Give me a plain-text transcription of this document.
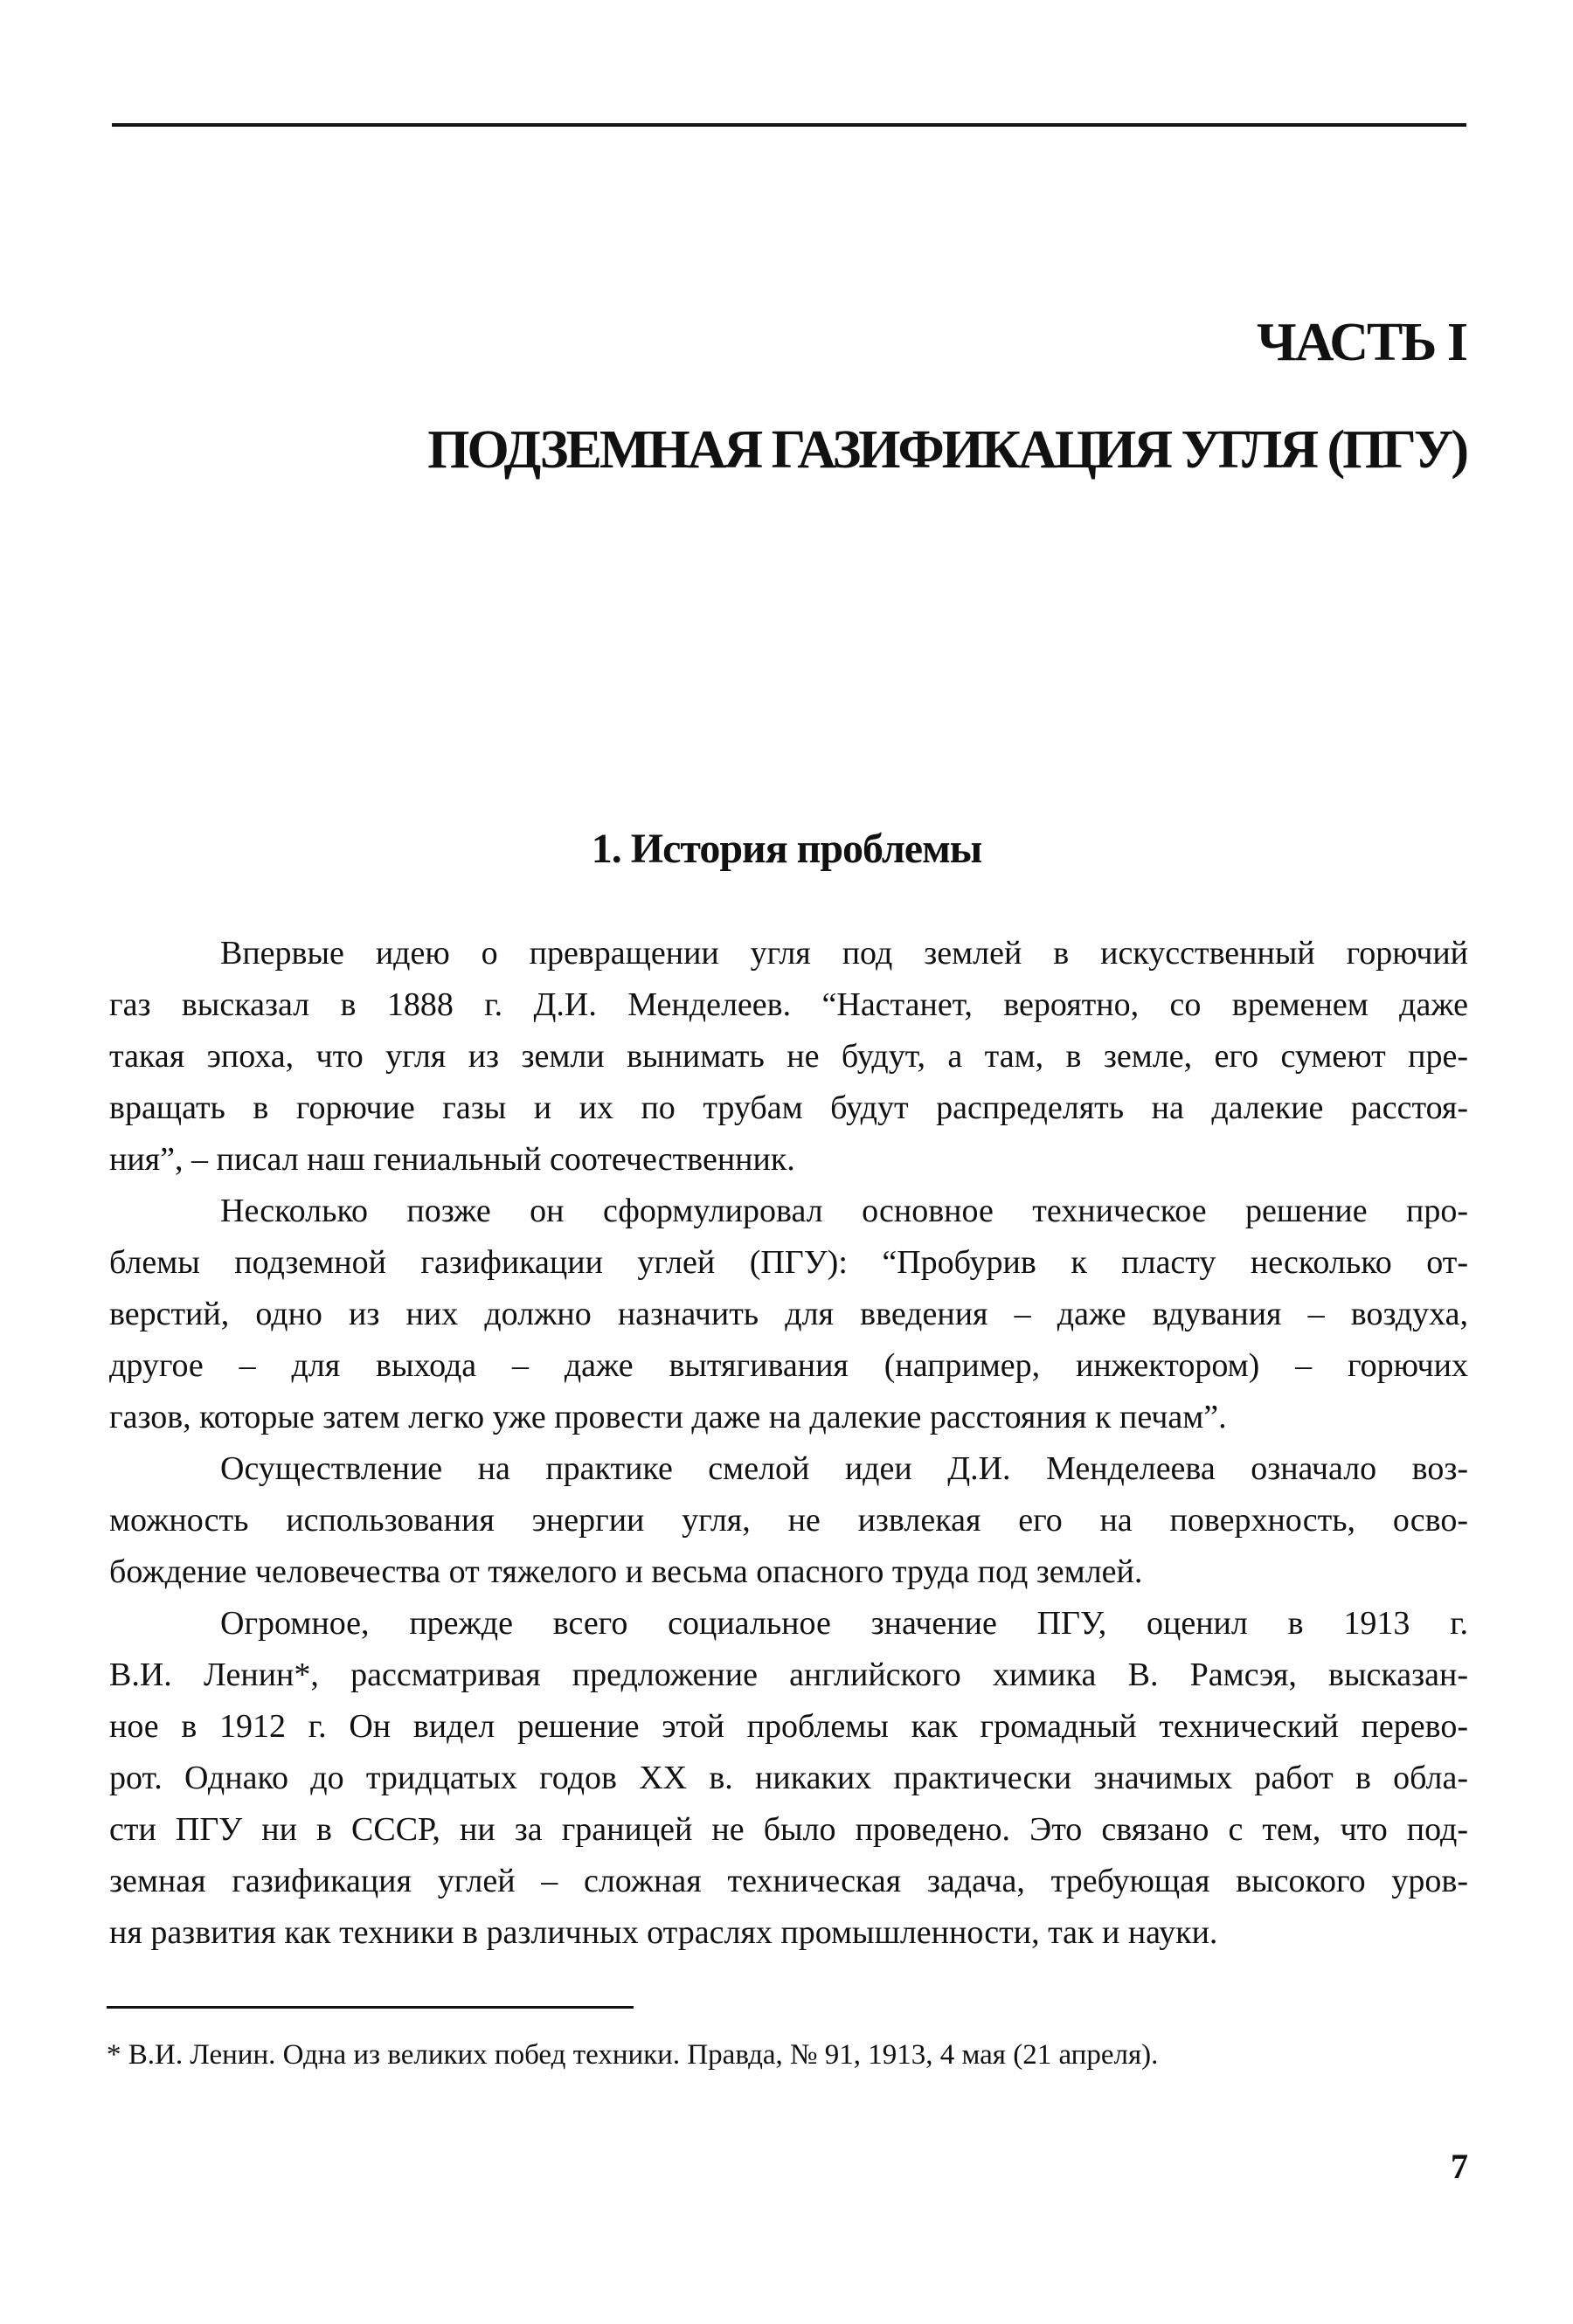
ЧАСТЬ I
ПОДЗЕМНАЯ ГАЗИФИКАЦИЯ УГЛЯ (ПГУ)
1. История проблемы
Впервые идею о превращении угля под землей в искусственный горючий
газ высказал в 1888 г. Д.И. Менделеев. “Настанет, вероятно, со временем даже
такая эпоха, что угля из земли вынимать не будут, а там, в земле, его сумеют пре-
вращать в горючие газы и их по трубам будут распределять на далекие расстоя-
ния”, – писал наш гениальный соотечественник.
Несколько позже он сформулировал основное техническое решение про-
блемы подземной газификации углей (ПГУ): “Пробурив к пласту несколько от-
верстий, одно из них должно назначить для введения – даже вдувания – воздуха,
другое – для выхода – даже вытягивания (например, инжектором) – горючих
газов, которые затем легко уже провести даже на далекие расстояния к печам”.
Осуществление на практике смелой идеи Д.И. Менделеева означало воз-
можность использования энергии угля, не извлекая его на поверхность, осво-
бождение человечества от тяжелого и весьма опасного труда под землей.
Огромное, прежде всего социальное значение ПГУ, оценил в 1913 г.
В.И. Ленин*, рассматривая предложение английского химика В. Рамсэя, высказан-
ное в 1912 г. Он видел решение этой проблемы как громадный технический перево-
рот. Однако до тридцатых годов XX в. никаких практически значимых работ в обла-
сти ПГУ ни в СССР, ни за границей не было проведено. Это связано с тем, что под-
земная газификация углей – сложная техническая задача, требующая высокого уров-
ня развития как техники в различных отраслях промышленности, так и науки.
* В.И. Ленин. Одна из великих побед техники. Правда, № 91, 1913, 4 мая (21 апреля).
7
